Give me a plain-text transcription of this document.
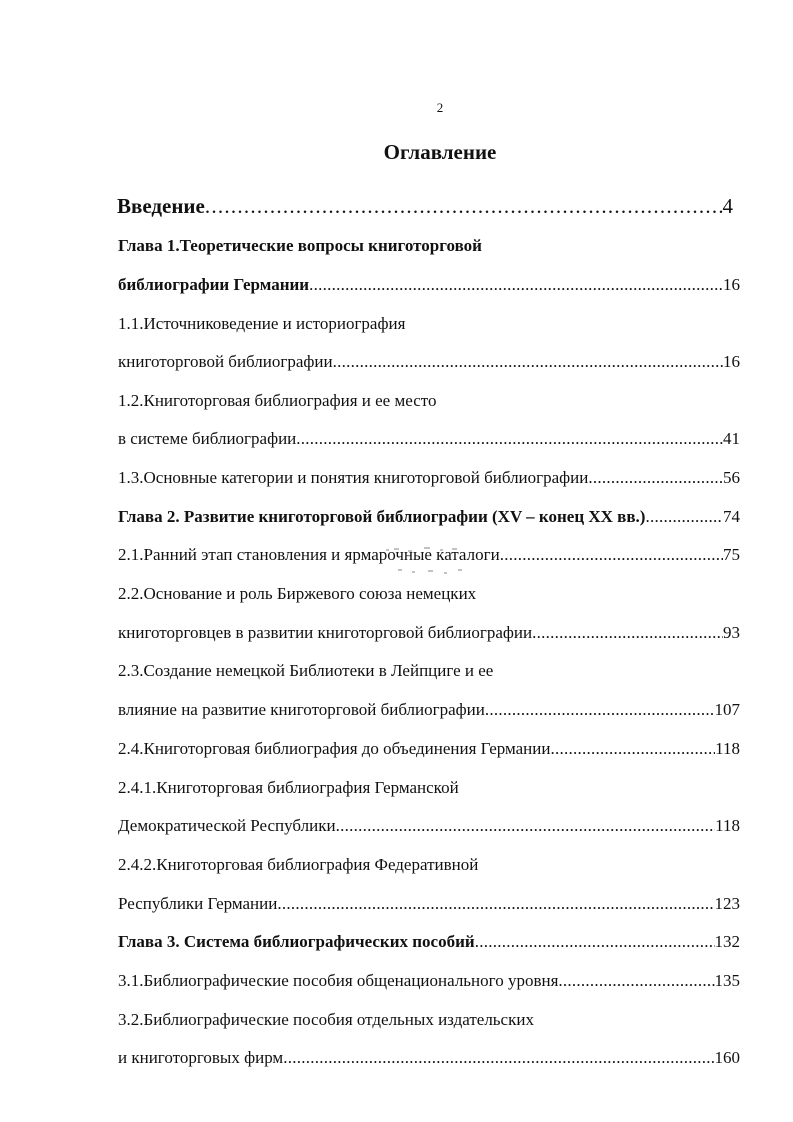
2
Оглавление
Введение . . .	4
Глава 1.Теоретические вопросы книготорговой
библиографии Германии . . .	16
1.1.Источниковедение и историография
книготорговой библиографии . . .	16
1.2.Книготорговая библиография и ее место
в системе библиографии . . .	41
1.3.Основные категории и понятия книготорговой библиографии . . .	56
Глава 2. Развитие книготорговой библиографии (XV – конец XX вв.) . . .	74
2.1.Ранний этап становления и ярмарочные каталоги . . .	75
2.2.Основание и роль Биржевого союза немецких
книготорговцев в развитии книготорговой библиографии . . .	93
2.3.Создание немецкой Библиотеки в Лейпциге и ее
влияние на развитие книготорговой библиографии . . .	107
2.4.Книготорговая библиография до объединения Германии . . .	118
2.4.1.Книготорговая библиография Германской
Демократической Республики . . .	118
2.4.2.Книготорговая библиография Федеративной
Республики Германии . . .	123
Глава 3. Система библиографических пособий . . .	132
3.1.Библиографические пособия общенационального уровня . . .	135
3.2.Библиографические пособия отдельных издательских
и книготорговых фирм . . .	160
